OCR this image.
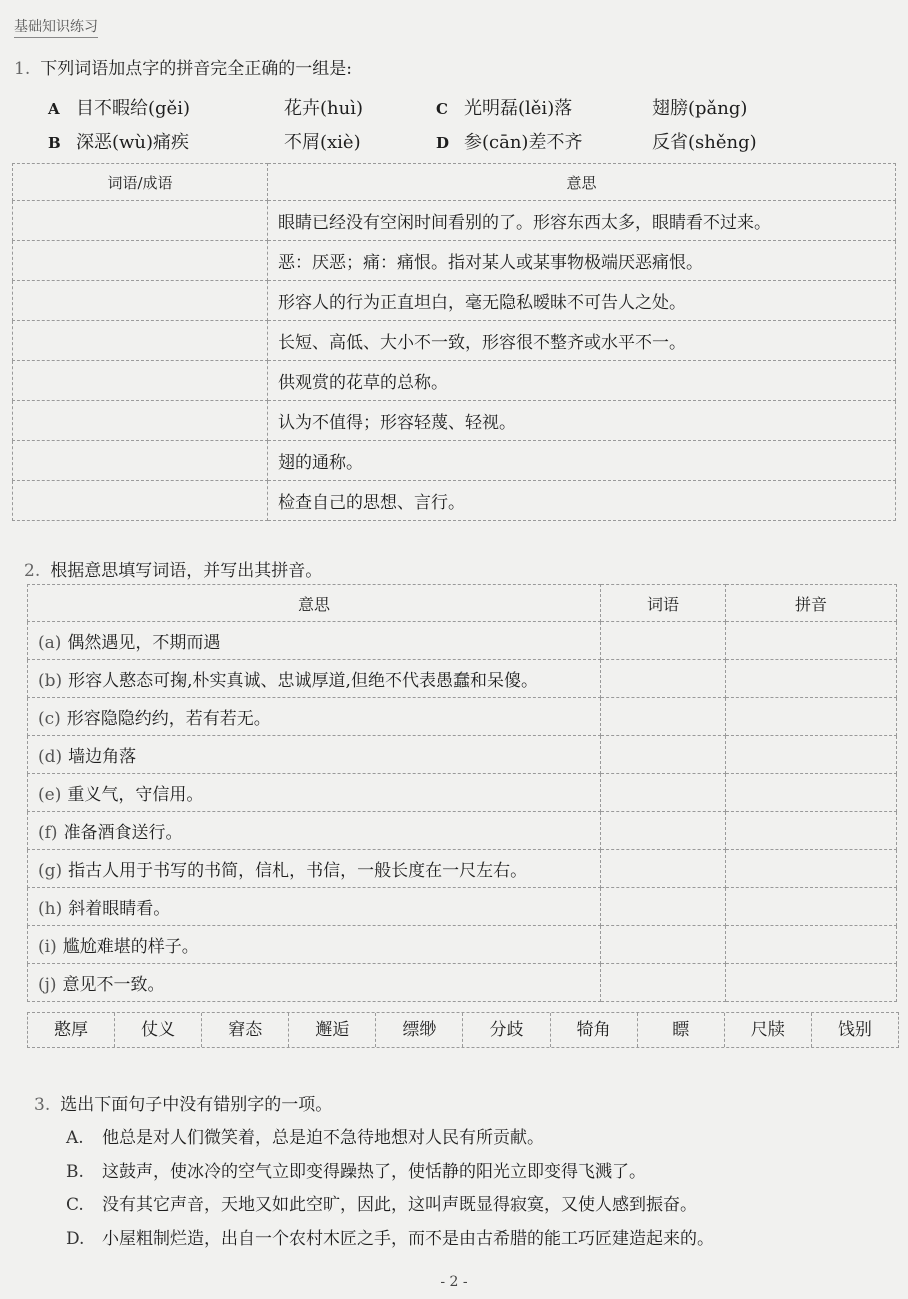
基础知识练习
1. 下列词语加点字的拼音完全正确的一组是:
A 目不暇给(gěi)	花卉(huì)
B 深恶(wù)痛疾	不屑(xiè)
C 光明磊(lěi)落	翅膀(pǎng)
D 参(cān)差不齐	反省(shěng)
词语/成语	意思
	眼睛已经没有空闲时间看别的了。形容东西太多，眼睛看不过来。
	恶：厌恶；痛：痛恨。指对某人或某事物极端厌恶痛恨。
	形容人的行为正直坦白，毫无隐私暧昧不可告人之处。
	长短、高低、大小不一致，形容很不整齐或水平不一。
	供观赏的花草的总称。
	认为不值得；形容轻蔑、轻视。
	翅的通称。
	检查自己的思想、言行。
2. 根据意思填写词语，并写出其拼音。
意思	词语	拼音
(a) 偶然遇见，不期而遇		
(b) 形容人憨态可掬,朴实真诚、忠诚厚道,但绝不代表愚蠢和呆傻。		
(c) 形容隐隐约约，若有若无。		
(d) 墙边角落		
(e) 重义气，守信用。		
(f) 准备酒食送行。		
(g) 指古人用于书写的书简，信札，书信，一般长度在一尺左右。		
(h) 斜着眼睛看。		
(i) 尴尬难堪的样子。		
(j) 意见不一致。		
憨厚	仗义	窘态	邂逅	缥缈	分歧	犄角	瞟	尺牍	饯别
3. 选出下面句子中没有错别字的一项。
A. 他总是对人们微笑着，总是迫不急待地想对人民有所贡献。
B. 这鼓声，使冰冷的空气立即变得躁热了，使恬静的阳光立即变得飞溅了。
C. 没有其它声音，天地又如此空旷，因此，这叫声既显得寂寞，又使人感到振奋。
D. 小屋粗制烂造，出自一个农村木匠之手，而不是由古希腊的能工巧匠建造起来的。
- 2 -
